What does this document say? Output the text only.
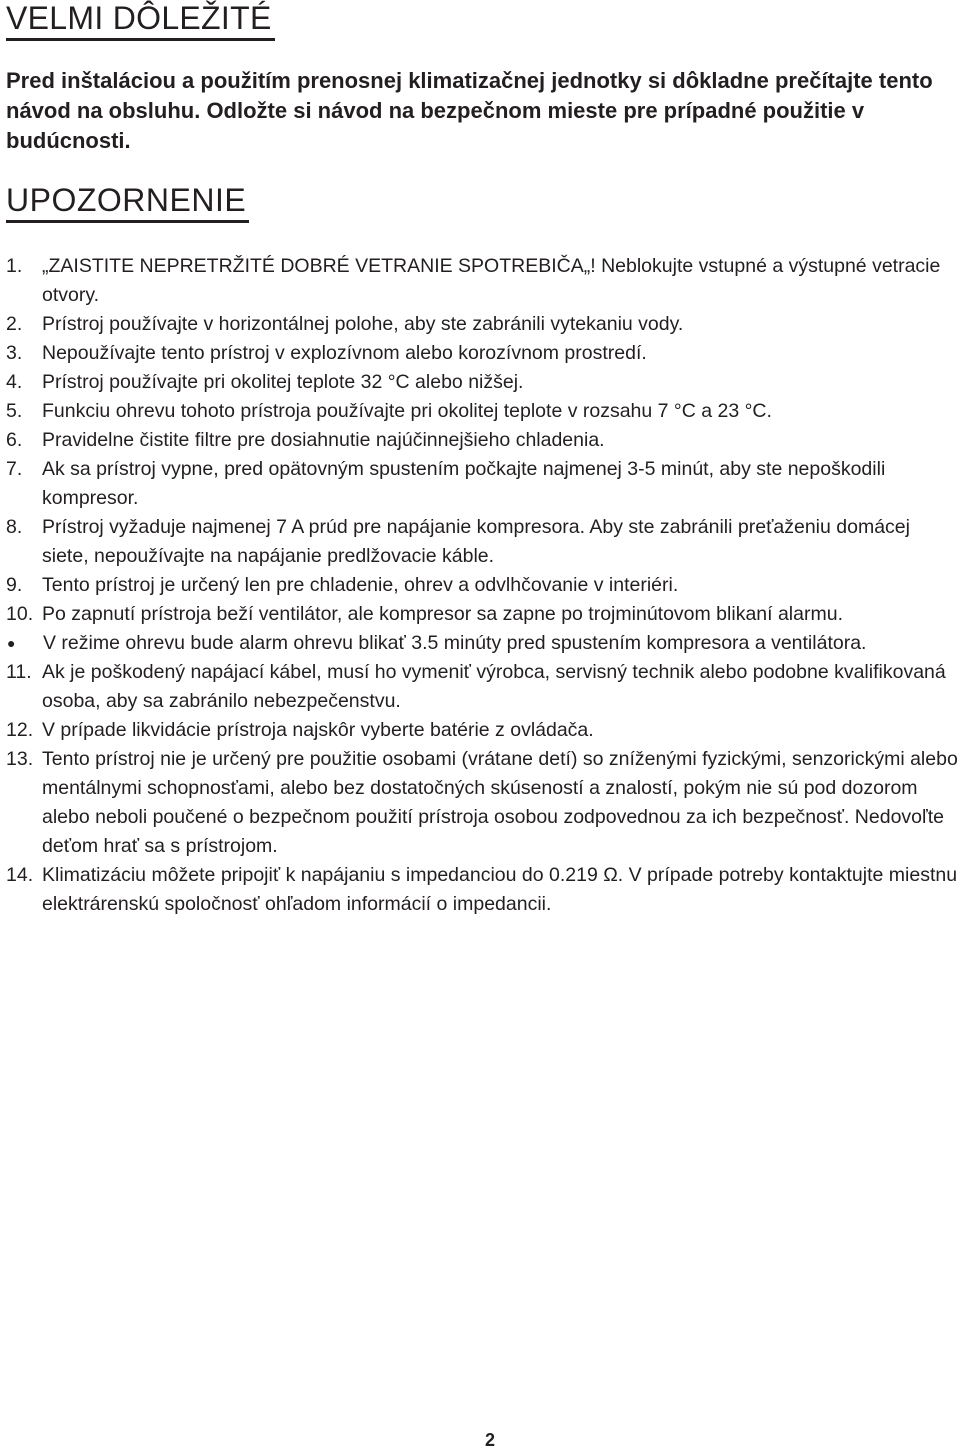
VELMI DÔLEŽITÉ

Pred inštaláciou a použitím prenosnej klimatizačnej jednotky si dôkladne prečítajte tento návod na obsluhu. Odložte si návod na bezpečnom mieste pre prípadné použitie v budúcnosti.

UPOZORNENIE
1.	„ZAISTITE NEPRETRŽITÉ DOBRÉ VETRANIE SPOTREBIČA„! Neblokujte vstupné a výstupné vetracie otvory.
2.	Prístroj používajte v horizontálnej polohe, aby ste zabránili vytekaniu vody.
3.	Nepoužívajte tento prístroj v explozívnom alebo korozívnom prostredí.
4.	Prístroj používajte pri okolitej teplote 32 °C alebo nižšej.
5.	Funkciu ohrevu tohoto prístroja používajte pri okolitej teplote v rozsahu 7 °C a 23 °C.
6.	Pravidelne čistite filtre pre dosiahnutie najúčinnejšieho chladenia.
7.	Ak sa prístroj vypne, pred opätovným spustením počkajte najmenej 3-5 minút, aby ste nepoškodili kompresor.
8.	Prístroj vyžaduje najmenej 7 A prúd pre napájanie kompresora. Aby ste zabránili preťaženiu domácej siete, nepoužívajte na napájanie predlžovacie káble.
9.	Tento prístroj je určený len pre chladenie, ohrev a odvlhčovanie v interiéri.
10. Po zapnutí prístroja beží ventilátor, ale kompresor sa zapne po trojminútovom blikaní alarmu.
●	V režime ohrevu bude alarm ohrevu blikať 3.5 minúty pred spustením kompresora a ventilátora.
11. Ak je poškodený napájací kábel, musí ho vymeniť výrobca, servisný technik alebo podobne kvalifikovaná osoba, aby sa zabránilo nebezpečenstvu.
12. V prípade likvidácie prístroja najskôr vyberte batérie z ovládača.
13. Tento prístroj nie je určený pre použitie osobami (vrátane detí) so zníženými fyzickými, senzorickými alebo mentálnymi schopnosťami, alebo bez dostatočných skúseností a znalostí, pokým nie sú pod dozorom alebo neboli poučené o bezpečnom použití prístroja osobou zodpovednou za ich bezpečnosť. Nedovoľte deťom hrať sa s prístrojom.
14. Klimatizáciu môžete pripojiť k napájaniu s impedanciou do 0.219 Ω. V prípade potreby kontaktujte miestnu elektrárenskú spoločnosť ohľadom informácií o impedancii.
2
